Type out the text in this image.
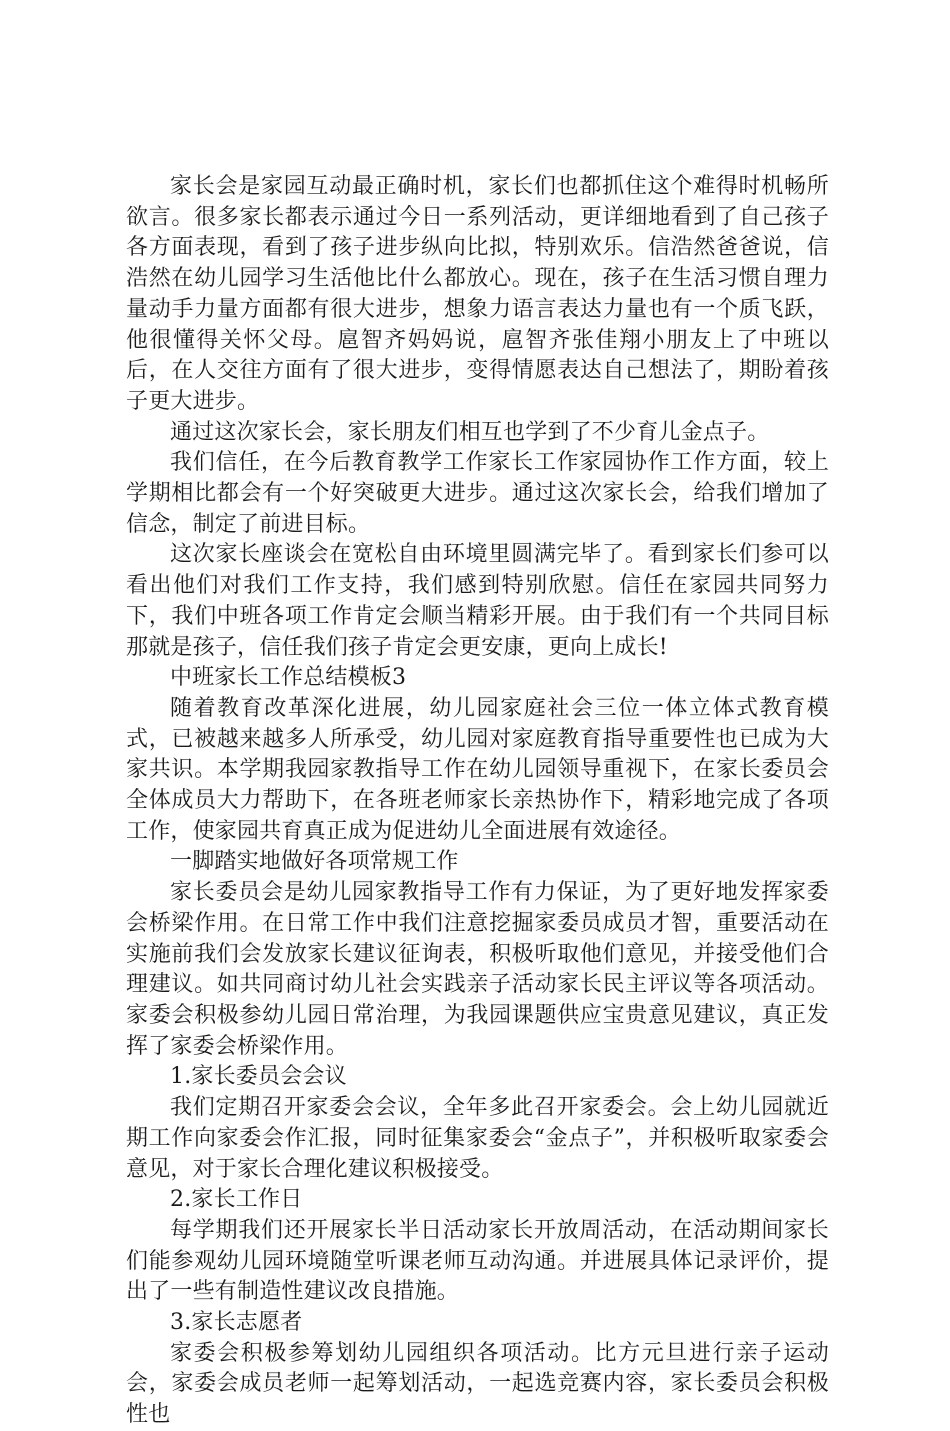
家长会是家园互动最正确时机，家长们也都抓住这个难得时机畅所欲言。很多家长都表示通过今日一系列活动，更详细地看到了自己孩子各方面表现，看到了孩子进步纵向比拟，特别欢乐。信浩然爸爸说，信浩然在幼儿园学习生活他比什么都放心。现在，孩子在生活习惯自理力量动手力量方面都有很大进步，想象力语言表达力量也有一个质飞跃，他很懂得关怀父母。扈智齐妈妈说，扈智齐张佳翔小朋友上了中班以后，在人交往方面有了很大进步，变得情愿表达自己想法了，期盼着孩子更大进步。

通过这次家长会，家长朋友们相互也学到了不少育儿金点子。

我们信任，在今后教育教学工作家长工作家园协作工作方面，较上学期相比都会有一个好突破更大进步。通过这次家长会，给我们增加了信念，制定了前进目标。

这次家长座谈会在宽松自由环境里圆满完毕了。看到家长们参可以看出他们对我们工作支持，我们感到特别欣慰。信任在家园共同努力下，我们中班各项工作肯定会顺当精彩开展。由于我们有一个共同目标那就是孩子，信任我们孩子肯定会更安康，更向上成长!

中班家长工作总结模板3

随着教育改革深化进展，幼儿园家庭社会三位一体立体式教育模式，已被越来越多人所承受，幼儿园对家庭教育指导重要性也已成为大家共识。本学期我园家教指导工作在幼儿园领导重视下，在家长委员会全体成员大力帮助下，在各班老师家长亲热协作下，精彩地完成了各项工作，使家园共育真正成为促进幼儿全面进展有效途径。

一脚踏实地做好各项常规工作

家长委员会是幼儿园家教指导工作有力保证，为了更好地发挥家委会桥梁作用。在日常工作中我们注意挖掘家委员成员才智，重要活动在实施前我们会发放家长建议征询表，积极听取他们意见，并接受他们合理建议。如共同商讨幼儿社会实践亲子活动家长民主评议等各项活动。家委会积极参幼儿园日常治理，为我园课题供应宝贵意见建议，真正发挥了家委会桥梁作用。

1.家长委员会会议

我们定期召开家委会会议，全年多此召开家委会。会上幼儿园就近期工作向家委会作汇报，同时征集家委会“金点子”，并积极听取家委会意见，对于家长合理化建议积极接受。

2.家长工作日

每学期我们还开展家长半日活动家长开放周活动，在活动期间家长们能参观幼儿园环境随堂听课老师互动沟通。并进展具体记录评价，提出了一些有制造性建议改良措施。

3.家长志愿者

家委会积极参筹划幼儿园组织各项活动。比方元旦进行亲子运动会，家委会成员老师一起筹划活动，一起选竞赛内容，家长委员会积极性也
